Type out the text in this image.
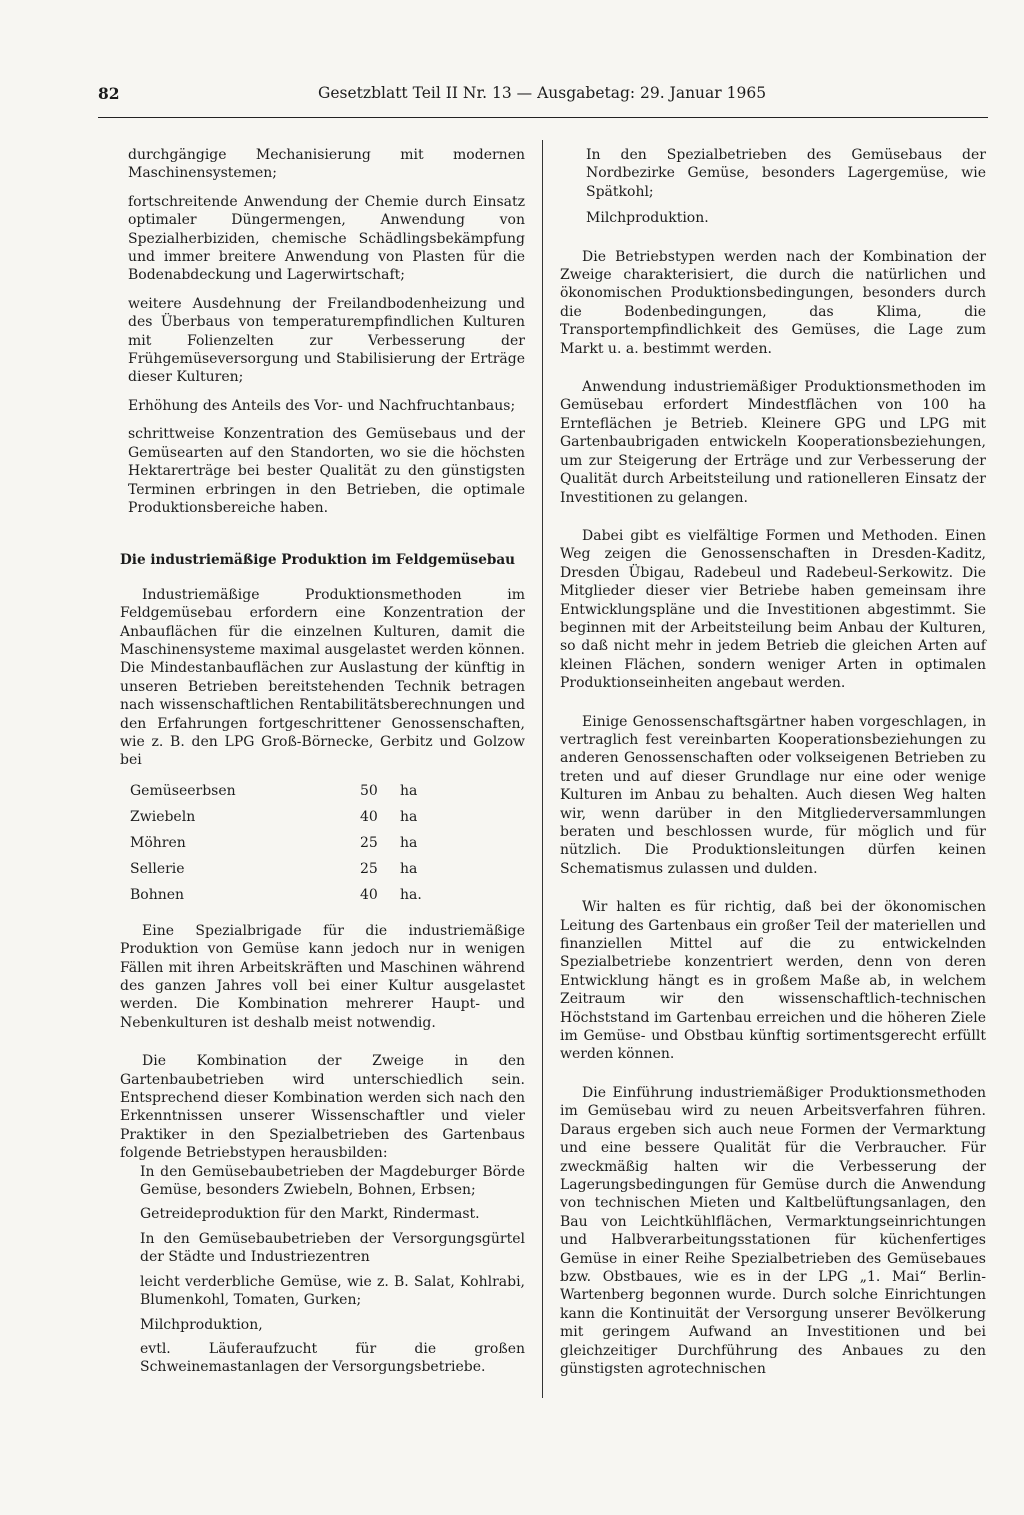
82	Gesetzblatt Teil II Nr. 13 — Ausgabetag: 29. Januar 1965

durchgängige Mechanisierung mit modernen Maschinensystemen;

fortschreitende Anwendung der Chemie durch Einsatz optimaler Düngermengen, Anwendung von Spezialherbiziden, chemische Schädlingsbekämpfung und immer breitere Anwendung von Plasten für die Bodenabdeckung und Lagerwirtschaft;

weitere Ausdehnung der Freilandbodenheizung und des Überbaus von temperaturempfindlichen Kulturen mit Folienzelten zur Verbesserung der Frühgemüseversorgung und Stabilisierung der Erträge dieser Kulturen;

Erhöhung des Anteils des Vor- und Nachfruchtanbaus;

schrittweise Konzentration des Gemüsebaus und der Gemüsearten auf den Standorten, wo sie die höchsten Hektarerträge bei bester Qualität zu den günstigsten Terminen erbringen in den Betrieben, die optimale Produktionsbereiche haben.

Die industriemäßige Produktion im Feldgemüsebau

Industriemäßige Produktionsmethoden im Feldgemüsebau erfordern eine Konzentration der Anbauflächen für die einzelnen Kulturen, damit die Maschinensysteme maximal ausgelastet werden können. Die Mindestanbauflächen zur Auslastung der künftig in unseren Betrieben bereitstehenden Technik betragen nach wissenschaftlichen Rentabilitätsberechnungen und den Erfahrungen fortgeschrittener Genossenschaften, wie z. B. den LPG Groß-Börnecke, Gerbitz und Golzow bei

Gemüseerbsen	50	ha
Zwiebeln	40	ha
Möhren	25	ha
Sellerie	25	ha
Bohnen	40	ha.

Eine Spezialbrigade für die industriemäßige Produktion von Gemüse kann jedoch nur in wenigen Fällen mit ihren Arbeitskräften und Maschinen während des ganzen Jahres voll bei einer Kultur ausgelastet werden. Die Kombination mehrerer Haupt- und Nebenkulturen ist deshalb meist notwendig.

Die Kombination der Zweige in den Gartenbaubetrieben wird unterschiedlich sein. Entsprechend dieser Kombination werden sich nach den Erkenntnissen unserer Wissenschaftler und vieler Praktiker in den Spezialbetrieben des Gartenbaus folgende Betriebstypen herausbilden:

In den Gemüsebaubetrieben der Magdeburger Börde Gemüse, besonders Zwiebeln, Bohnen, Erbsen;

Getreideproduktion für den Markt, Rindermast.

In den Gemüsebaubetrieben der Versorgungsgürtel der Städte und Industriezentren

leicht verderbliche Gemüse, wie z. B. Salat, Kohlrabi, Blumenkohl, Tomaten, Gurken;

Milchproduktion,

evtl. Läuferaufzucht für die großen Schweinemastanlagen der Versorgungsbetriebe.

In den Spezialbetrieben des Gemüsebaus der Nordbezirke Gemüse, besonders Lagergemüse, wie Spätkohl;

Milchproduktion.

Die Betriebstypen werden nach der Kombination der Zweige charakterisiert, die durch die natürlichen und ökonomischen Produktionsbedingungen, besonders durch die Bodenbedingungen, das Klima, die Transportempfindlichkeit des Gemüses, die Lage zum Markt u. a. bestimmt werden.

Anwendung industriemäßiger Produktionsmethoden im Gemüsebau erfordert Mindestflächen von 100 ha Ernteflächen je Betrieb. Kleinere GPG und LPG mit Gartenbaubrigaden entwickeln Kooperationsbeziehungen, um zur Steigerung der Erträge und zur Verbesserung der Qualität durch Arbeitsteilung und rationelleren Einsatz der Investitionen zu gelangen.

Dabei gibt es vielfältige Formen und Methoden. Einen Weg zeigen die Genossenschaften in Dresden-Kaditz, Dresden Übigau, Radebeul und Radebeul-Serkowitz. Die Mitglieder dieser vier Betriebe haben gemeinsam ihre Entwicklungspläne und die Investitionen abgestimmt. Sie beginnen mit der Arbeitsteilung beim Anbau der Kulturen, so daß nicht mehr in jedem Betrieb die gleichen Arten auf kleinen Flächen, sondern weniger Arten in optimalen Produktionseinheiten angebaut werden.

Einige Genossenschaftsgärtner haben vorgeschlagen, in vertraglich fest vereinbarten Kooperationsbeziehungen zu anderen Genossenschaften oder volkseigenen Betrieben zu treten und auf dieser Grundlage nur eine oder wenige Kulturen im Anbau zu behalten. Auch diesen Weg halten wir, wenn darüber in den Mitgliederversammlungen beraten und beschlossen wurde, für möglich und für nützlich. Die Produktionsleitungen dürfen keinen Schematismus zulassen und dulden.

Wir halten es für richtig, daß bei der ökonomischen Leitung des Gartenbaus ein großer Teil der materiellen und finanziellen Mittel auf die zu entwickelnden Spezialbetriebe konzentriert werden, denn von deren Entwicklung hängt es in großem Maße ab, in welchem Zeitraum wir den wissenschaftlich-technischen Höchststand im Gartenbau erreichen und die höheren Ziele im Gemüse- und Obstbau künftig sortimentsgerecht erfüllt werden können.

Die Einführung industriemäßiger Produktionsmethoden im Gemüsebau wird zu neuen Arbeitsverfahren führen. Daraus ergeben sich auch neue Formen der Vermarktung und eine bessere Qualität für die Verbraucher. Für zweckmäßig halten wir die Verbesserung der Lagerungsbedingungen für Gemüse durch die Anwendung von technischen Mieten und Kaltbelüftungsanlagen, den Bau von Leichtkühlflächen, Vermarktungseinrichtungen und Halbverarbeitungsstationen für küchenfertiges Gemüse in einer Reihe Spezialbetrieben des Gemüsebaues bzw. Obstbaues, wie es in der LPG „1. Mai“ Berlin-Wartenberg begonnen wurde. Durch solche Einrichtungen kann die Kontinuität der Versorgung unserer Bevölkerung mit geringem Aufwand an Investitionen und bei gleichzeitiger Durchführung des Anbaues zu den günstigsten agrotechnischen
